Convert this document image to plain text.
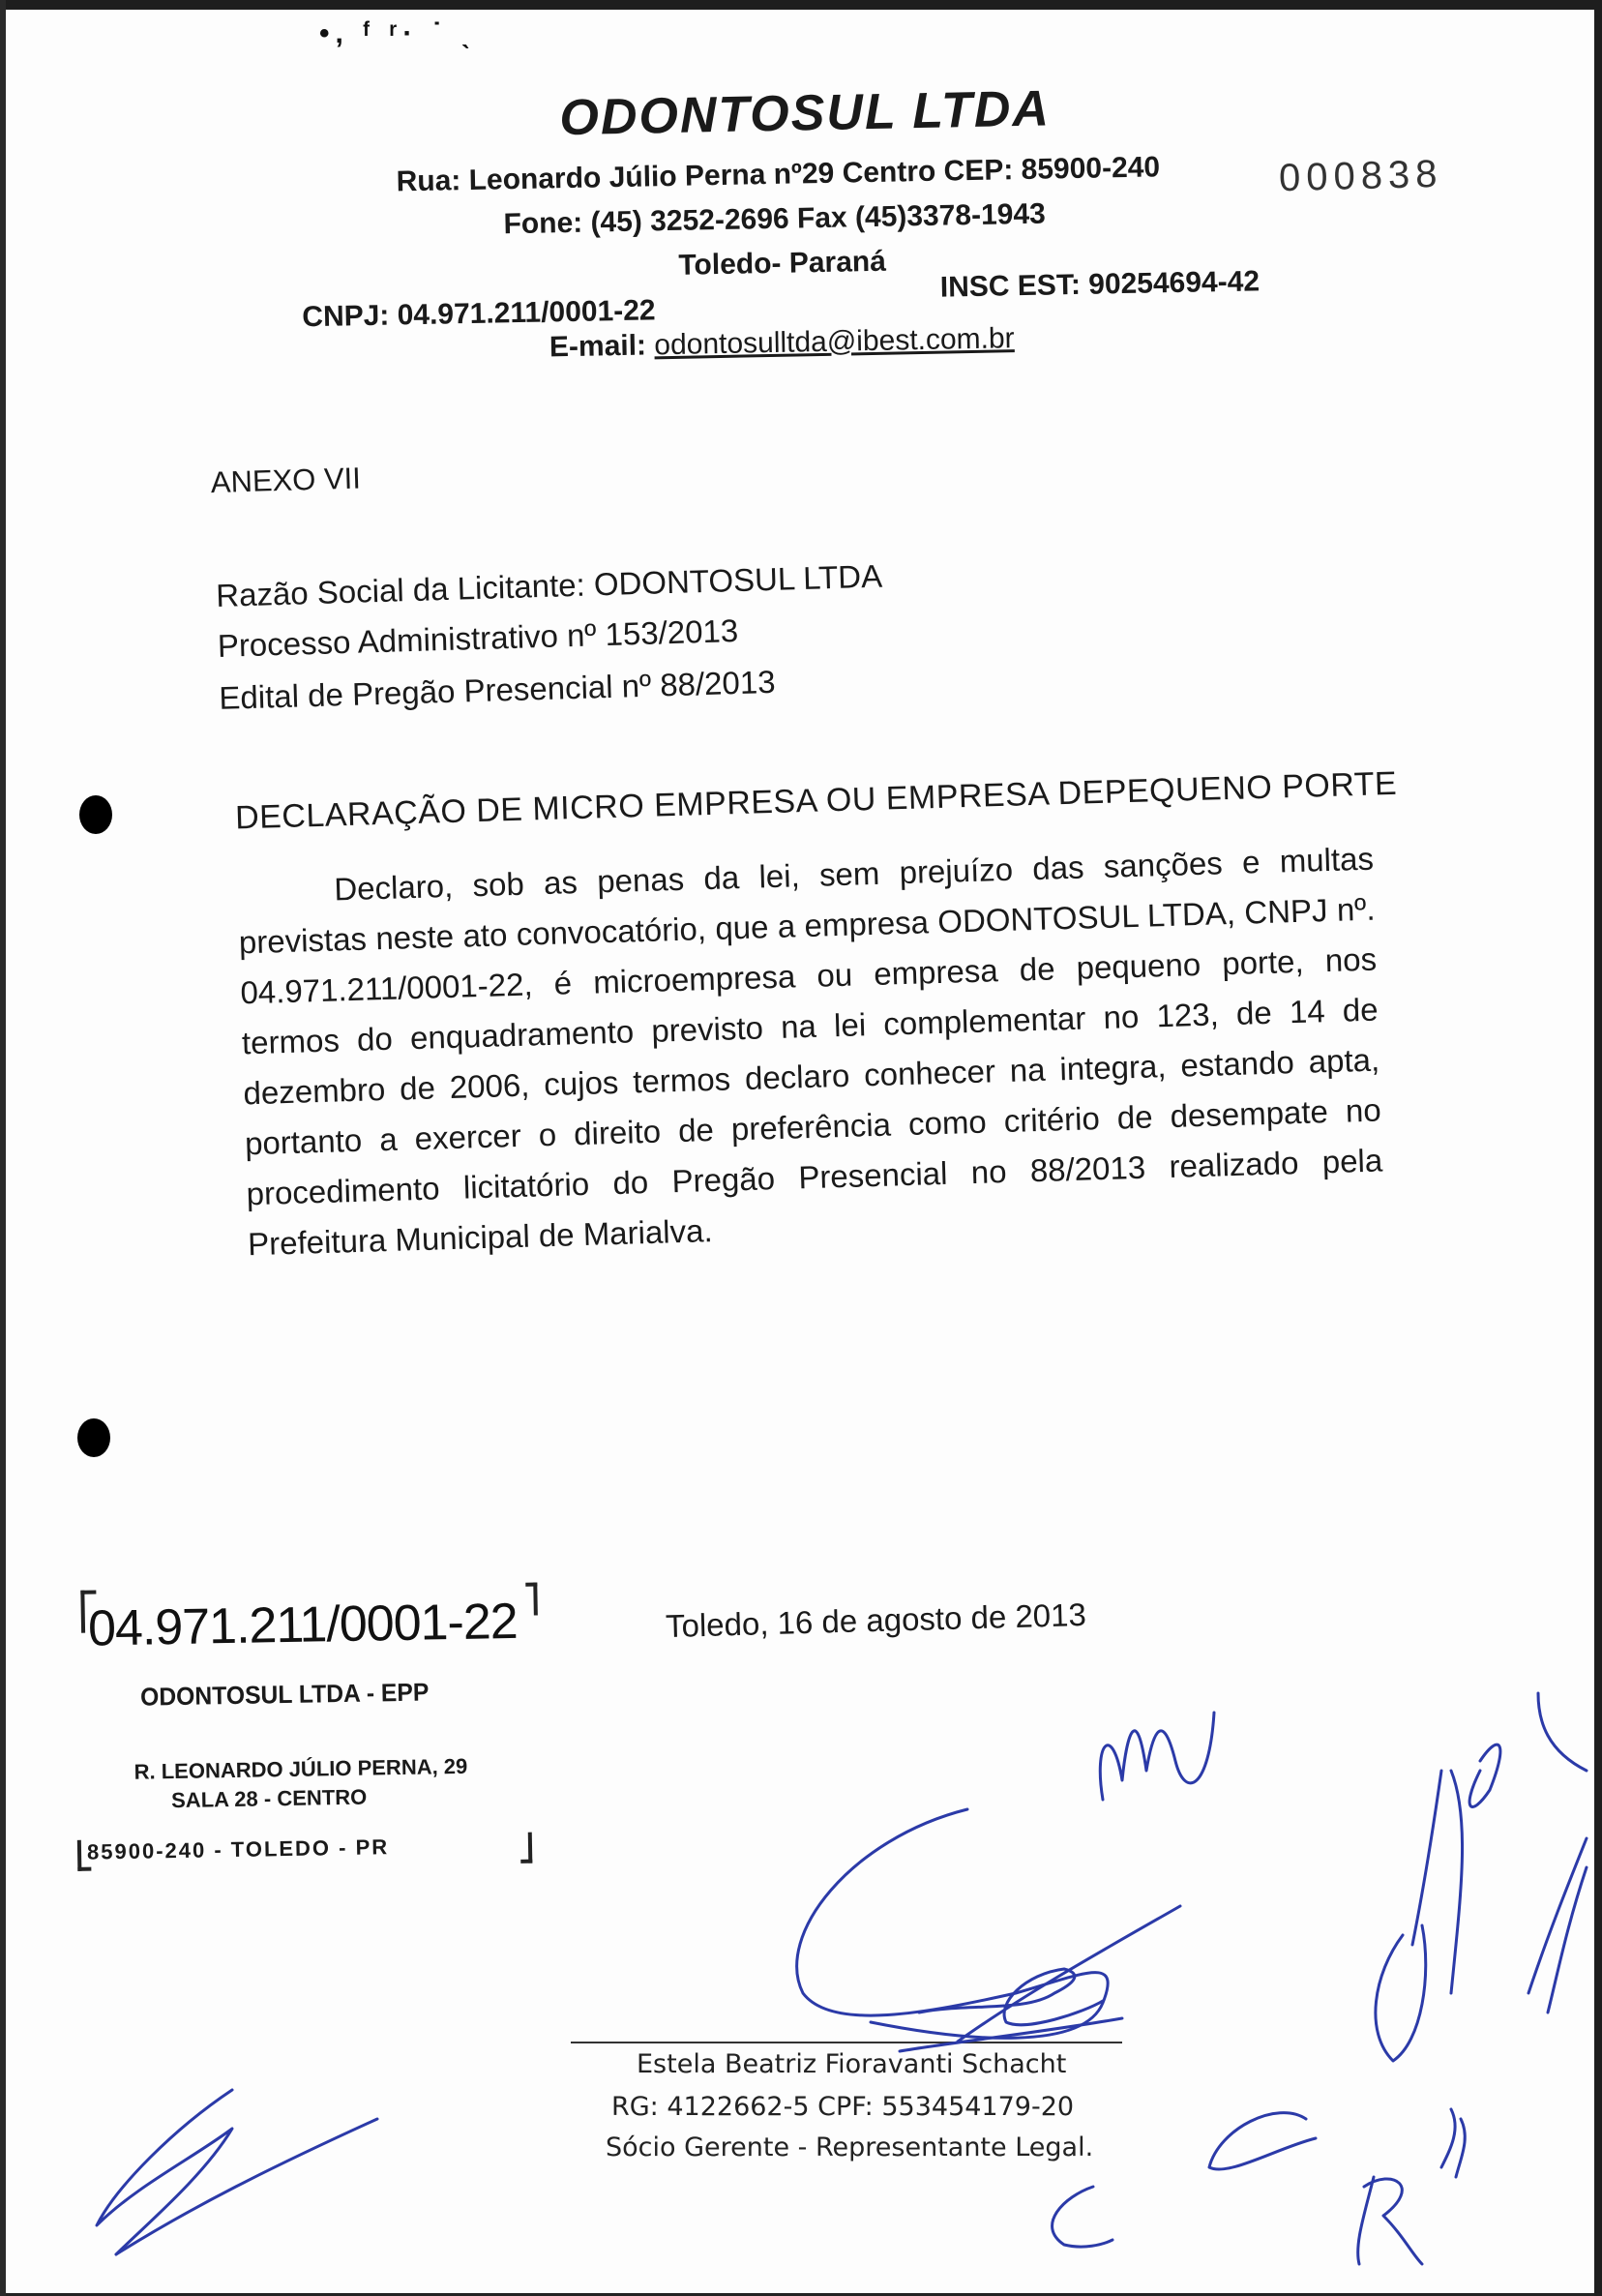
•, ᶠ ʳ· ˙ ˎ
ODONTOSUL LTDA
Rua: Leonardo Júlio Perna nº29 Centro CEP: 85900-240
Fone: (45) 3252-2696 Fax (45)3378-1943
Toledo- Paraná
CNPJ: 04.971.211/0001-22
INSC EST: 90254694-42
E-mail: odontosulltda@ibest.com.br
000838
ANEXO VII
Razão Social da Licitante: ODONTOSUL LTDA
Processo Administrativo nº 153/2013
Edital de Pregão Presencial nº 88/2013
DECLARAÇÃO DE MICRO EMPRESA OU EMPRESA DEPEQUENO PORTE
Declaro, sob as penas da lei, sem prejuízo das sanções e multas previstas neste ato convocatório, que a empresa ODONTOSUL LTDA, CNPJ nº. 04.971.211/0001-22, é microempresa ou empresa de pequeno porte, nos termos do enquadramento previsto na lei complementar no 123, de 14 de dezembro de 2006, cujos termos declaro conhecer na integra, estando apta, portanto a exercer o direito de preferência como critério de desempate no procedimento licitatório do Pregão Presencial no 88/2013 realizado pela Prefeitura Municipal de Marialva.
04.971.211/0001-22
ODONTOSUL LTDA - EPP
R. LEONARDO JÚLIO PERNA, 29
SALA 28 - CENTRO
85900-240 - TOLEDO - PR
Toledo, 16 de agosto de 2013
Estela Beatriz Fioravanti Schacht
RG: 4122662-5 CPF: 553454179-20
Sócio Gerente - Representante Legal.
